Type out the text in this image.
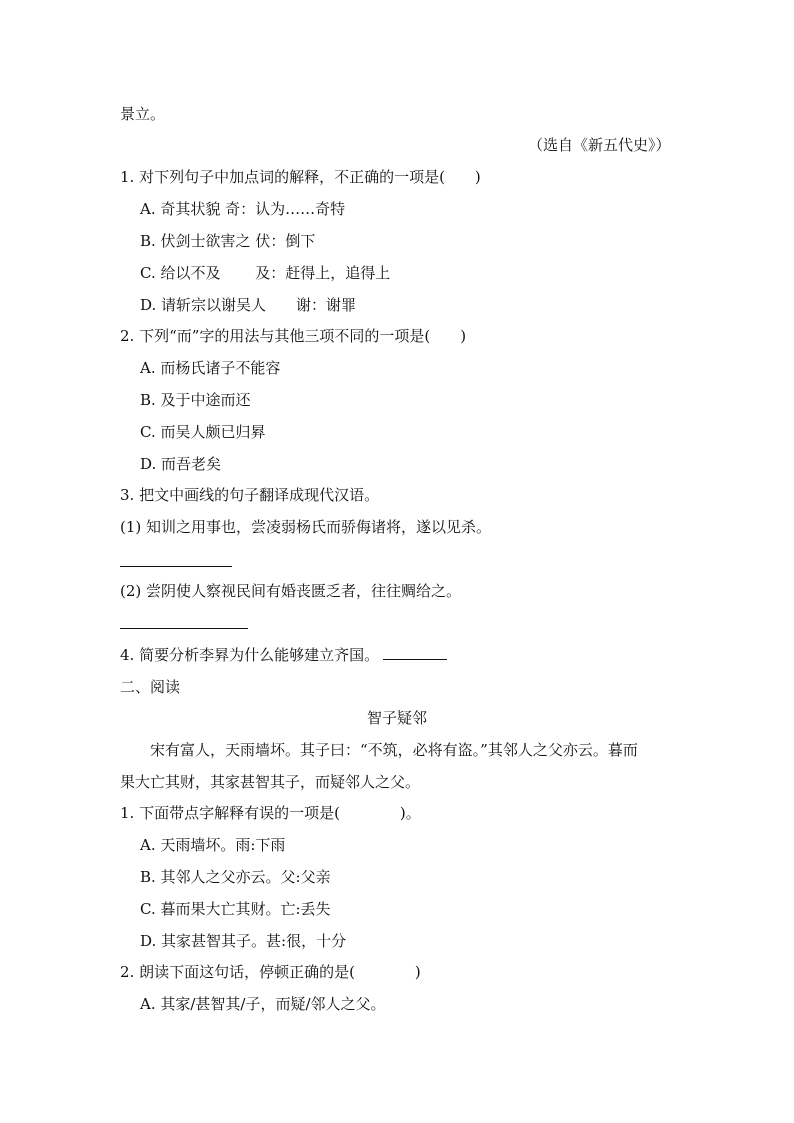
景立。
（选自《新五代史》）
1. 对下列句子中加点词的解释，不正确的一项是(　　)
A. 奇其状貌 奇：认为……奇特
B. 伏剑士欲害之 伏：倒下
C. 给以不及　　 及：赶得上，追得上
D. 请斩宗以谢吴人　　谢：谢罪
2. 下列“而”字的用法与其他三项不同的一项是(　　)
A. 而杨氏诸子不能容
B. 及于中途而还
C. 而吴人颇已归昪
D. 而吾老矣
3. 把文中画线的句子翻译成现代汉语。
(1) 知训之用事也，尝凌弱杨氏而骄侮诸将，遂以见杀。
(2) 尝阴使人察视民间有婚丧匮乏者，往往赒给之。
4. 简要分析李昪为什么能够建立齐国。
二、阅读
智子疑邻
　　宋有富人，天雨墙坏。其子曰：“不筑，必将有盗。”其邻人之父亦云。暮而
果大亡其财，其家甚智其子，而疑邻人之父。
1. 下面带点字解释有误的一项是(　　　　)。
A. 天雨墙坏。雨:下雨
B. 其邻人之父亦云。父:父亲
C. 暮而果大亡其财。亡:丢失
D. 其家甚智其子。甚:很，十分
2. 朗读下面这句话，停顿正确的是(　　　　)
A. 其家/甚智其/子，而疑/邻人之父。
